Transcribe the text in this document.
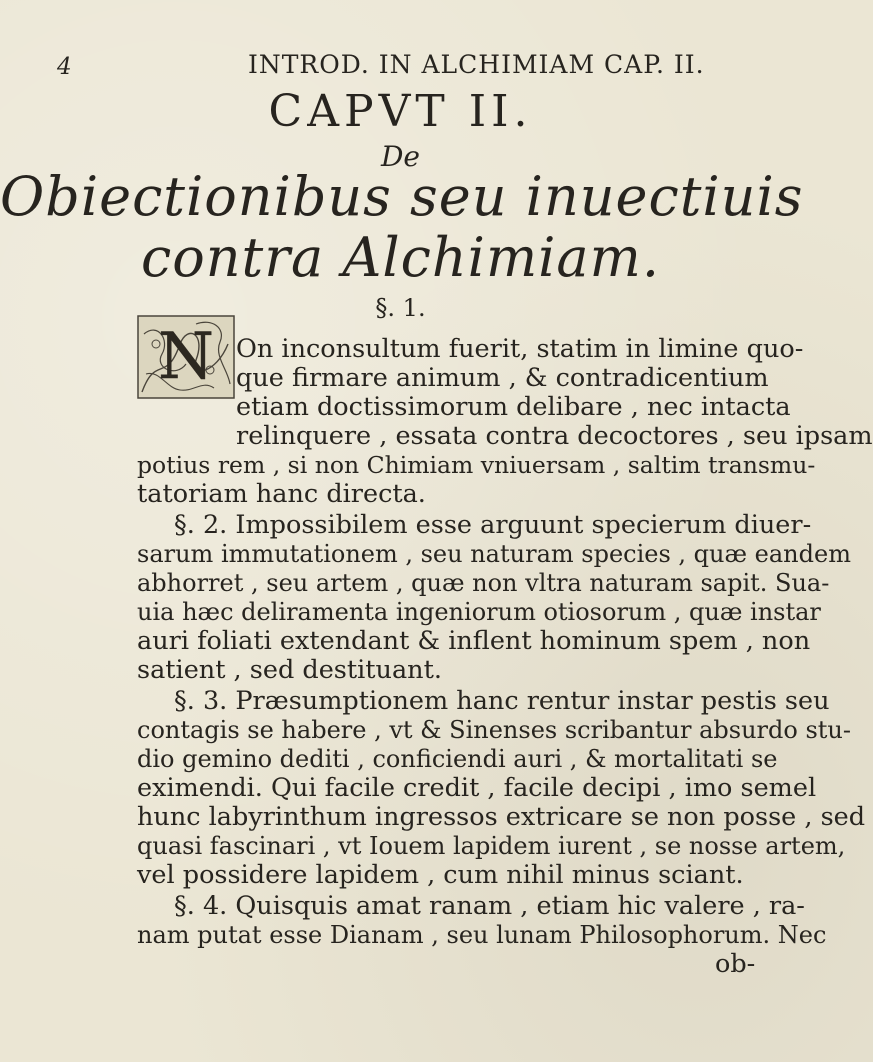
4	INTROD. IN ALCHIMIAM CAP. II.
CAPVT II.
De
Obiectionibus seu inuectiuis
contra Alchimiam.
§. 1.
N On inconsultum fuerit, statim in limine quo-
que firmare animum , & contradicentium
etiam doctissimorum delibare , nec intacta
relinquere , essata contra decoctores , seu ipsam
potius rem , si non Chimiam vniuersam , saltim transmu-
tatoriam hanc directa.
§. 2. Impossibilem esse arguunt specierum diuer-
sarum immutationem , seu naturam species , quæ eandem
abhorret , seu artem , quæ non vltra naturam sapit. Sua-
uia hæc deliramenta ingeniorum otiosorum , quæ instar
auri foliati extendant & inflent hominum spem , non
satient , sed destituant.
§. 3. Præsumptionem hanc rentur instar pestis seu
contagis se habere , vt & Sinenses scribantur absurdo stu-
dio gemino dediti , conficiendi auri , & mortalitati se
eximendi. Qui facile credit , facile decipi , imo semel
hunc labyrinthum ingressos extricare se non posse , sed
quasi fascinari , vt Iouem lapidem iurent , se nosse artem,
vel possidere lapidem , cum nihil minus sciant.
§. 4. Quisquis amat ranam , etiam hic valere , ra-
nam putat esse Dianam , seu lunam Philosophorum. Nec
ob-
